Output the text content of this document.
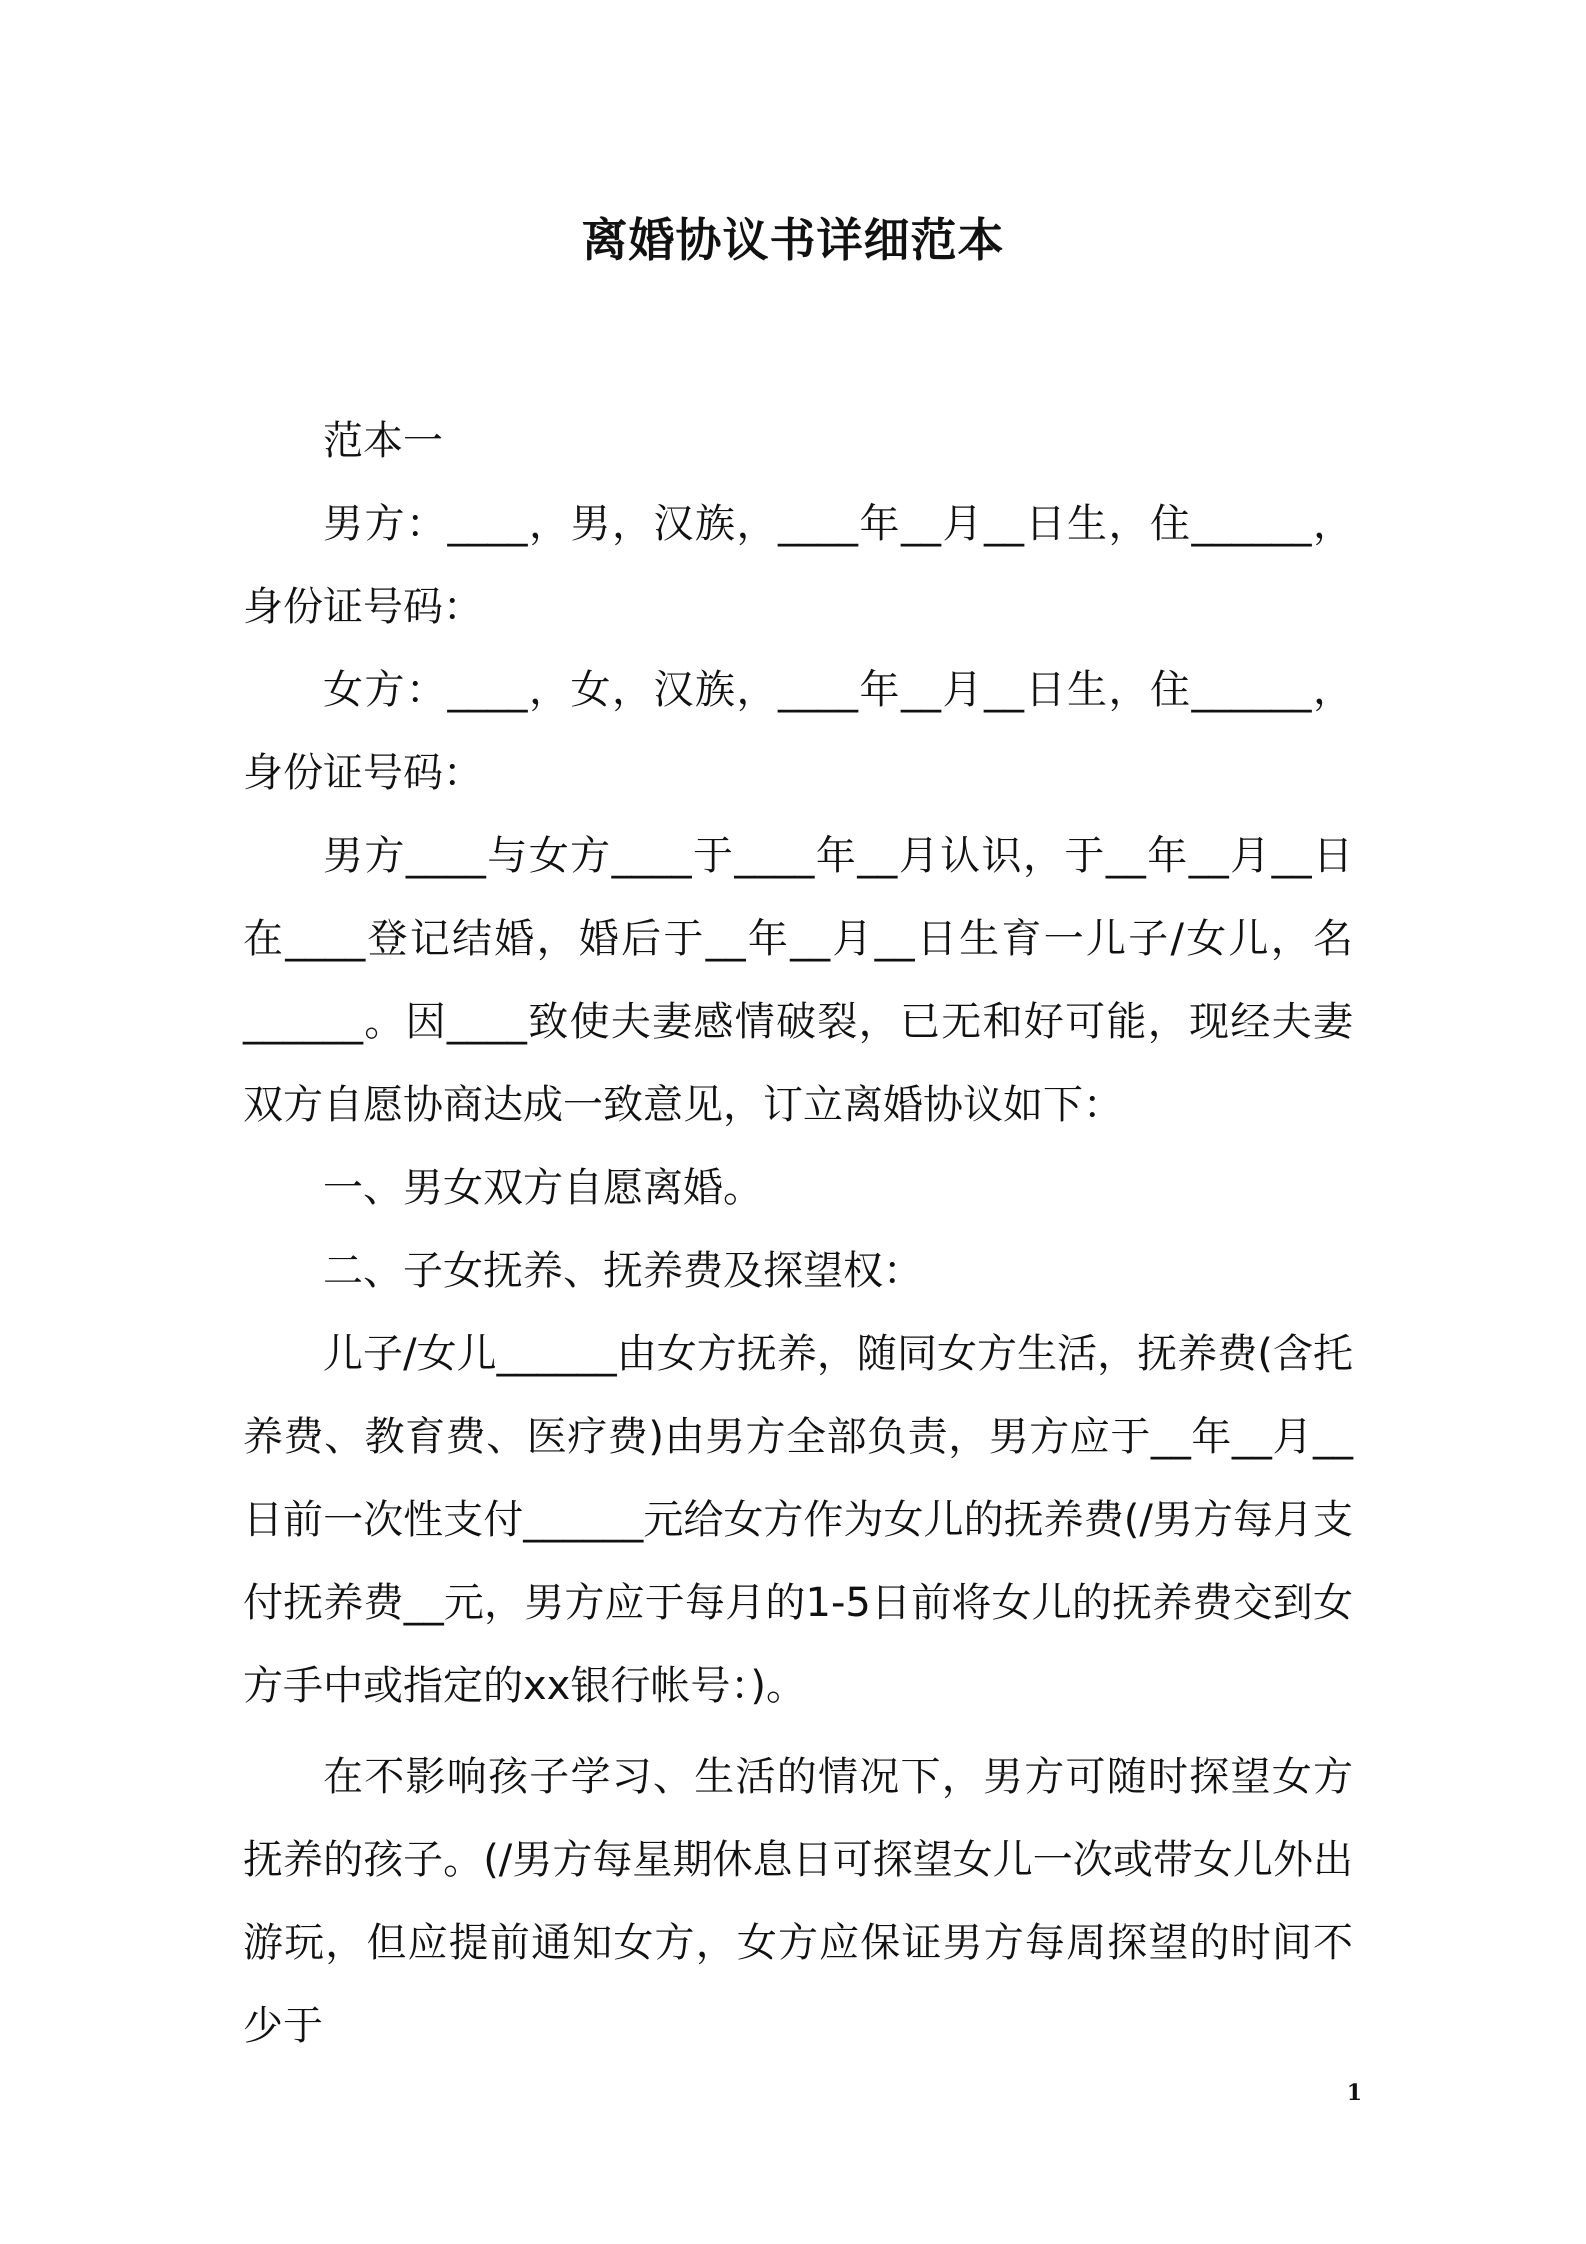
离婚协议书详细范本

范本一

男方：____，男，汉族，____年__月__日生，住______，身份证号码：

女方：____，女，汉族，____年__月__日生，住______，身份证号码：

男方____与女方____于____年__月认识，于__年__月__日在____登记结婚，婚后于__年__月__日生育一儿子/女儿，名______。因____致使夫妻感情破裂，已无和好可能，现经夫妻双方自愿协商达成一致意见，订立离婚协议如下：

一、男女双方自愿离婚。

二、子女抚养、抚养费及探望权：

儿子/女儿______由女方抚养，随同女方生活，抚养费(含托养费、教育费、医疗费)由男方全部负责，男方应于__年__月__日前一次性支付______元给女方作为女儿的抚养费(/男方每月支付抚养费__元，男方应于每月的1-5日前将女儿的抚养费交到女方手中或指定的xx银行帐号：)。

在不影响孩子学习、生活的情况下，男方可随时探望女方抚养的孩子。(/男方每星期休息日可探望女儿一次或带女儿外出游玩，但应提前通知女方，女方应保证男方每周探望的时间不少于

1
